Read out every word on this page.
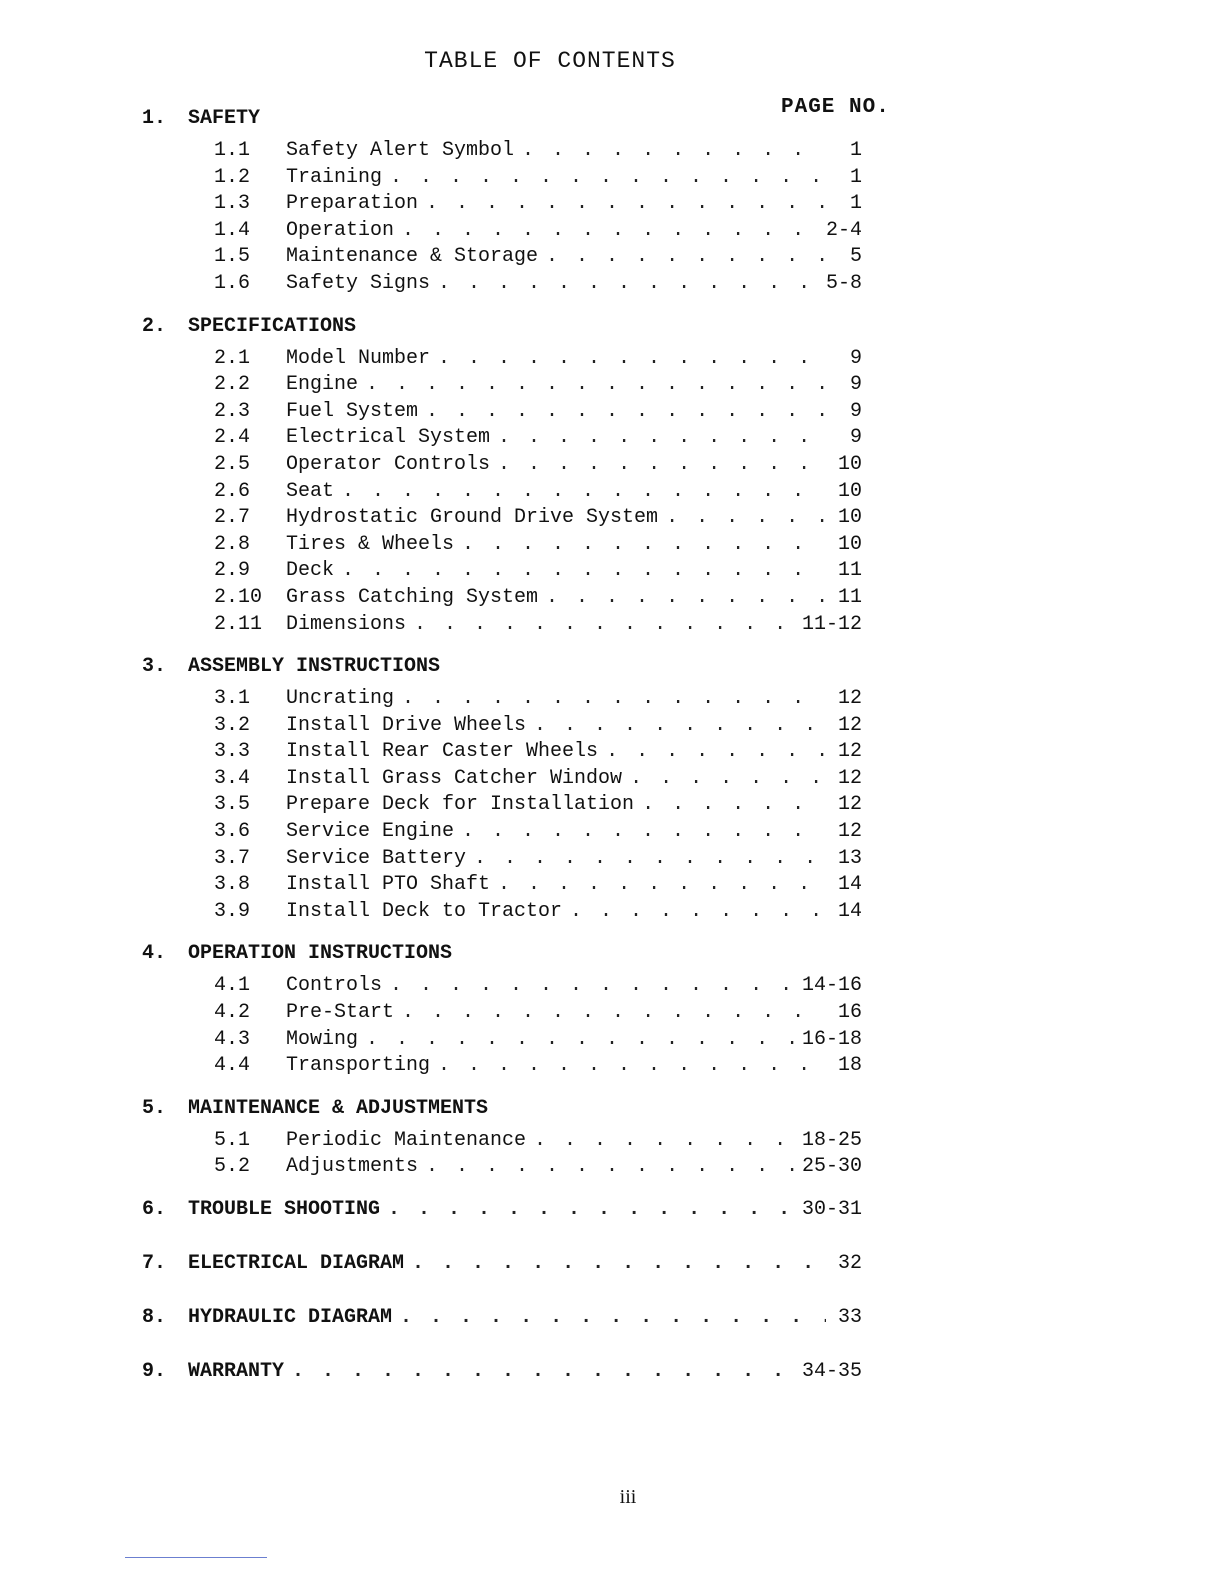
TABLE OF CONTENTS
PAGE NO.
1.	SAFETY
1.1	Safety Alert Symbol . . .	1
1.2	Training . . .	1
1.3	Preparation . . .	1
1.4	Operation . . .	2-4
1.5	Maintenance & Storage . . .	5
1.6	Safety Signs . . .	5-8
2.	SPECIFICATIONS
2.1	Model Number . . .	9
2.2	Engine . . .	9
2.3	Fuel System . . .	9
2.4	Electrical System . . .	9
2.5	Operator Controls . . .	10
2.6	Seat . . .	10
2.7	Hydrostatic Ground Drive System . . .	10
2.8	Tires & Wheels . . .	10
2.9	Deck . . .	11
2.10	Grass Catching System . . .	11
2.11	Dimensions . . .	11-12
3.	ASSEMBLY INSTRUCTIONS
3.1	Uncrating . . .	12
3.2	Install Drive Wheels . . .	12
3.3	Install Rear Caster Wheels . . .	12
3.4	Install Grass Catcher Window . . .	12
3.5	Prepare Deck for Installation . . .	12
3.6	Service Engine . . .	12
3.7	Service Battery . . .	13
3.8	Install PTO Shaft . . .	14
3.9	Install Deck to Tractor . . .	14
4.	OPERATION INSTRUCTIONS
4.1	Controls . . .	14-16
4.2	Pre-Start . . .	16
4.3	Mowing . . .	16-18
4.4	Transporting . . .	18
5.	MAINTENANCE & ADJUSTMENTS
5.1	Periodic Maintenance . . .	18-25
5.2	Adjustments . . .	25-30
6.	TROUBLE SHOOTING . . .	30-31
7.	ELECTRICAL DIAGRAM . . .	32
8.	HYDRAULIC DIAGRAM . . .	33
9.	WARRANTY . . .	34-35
iii
